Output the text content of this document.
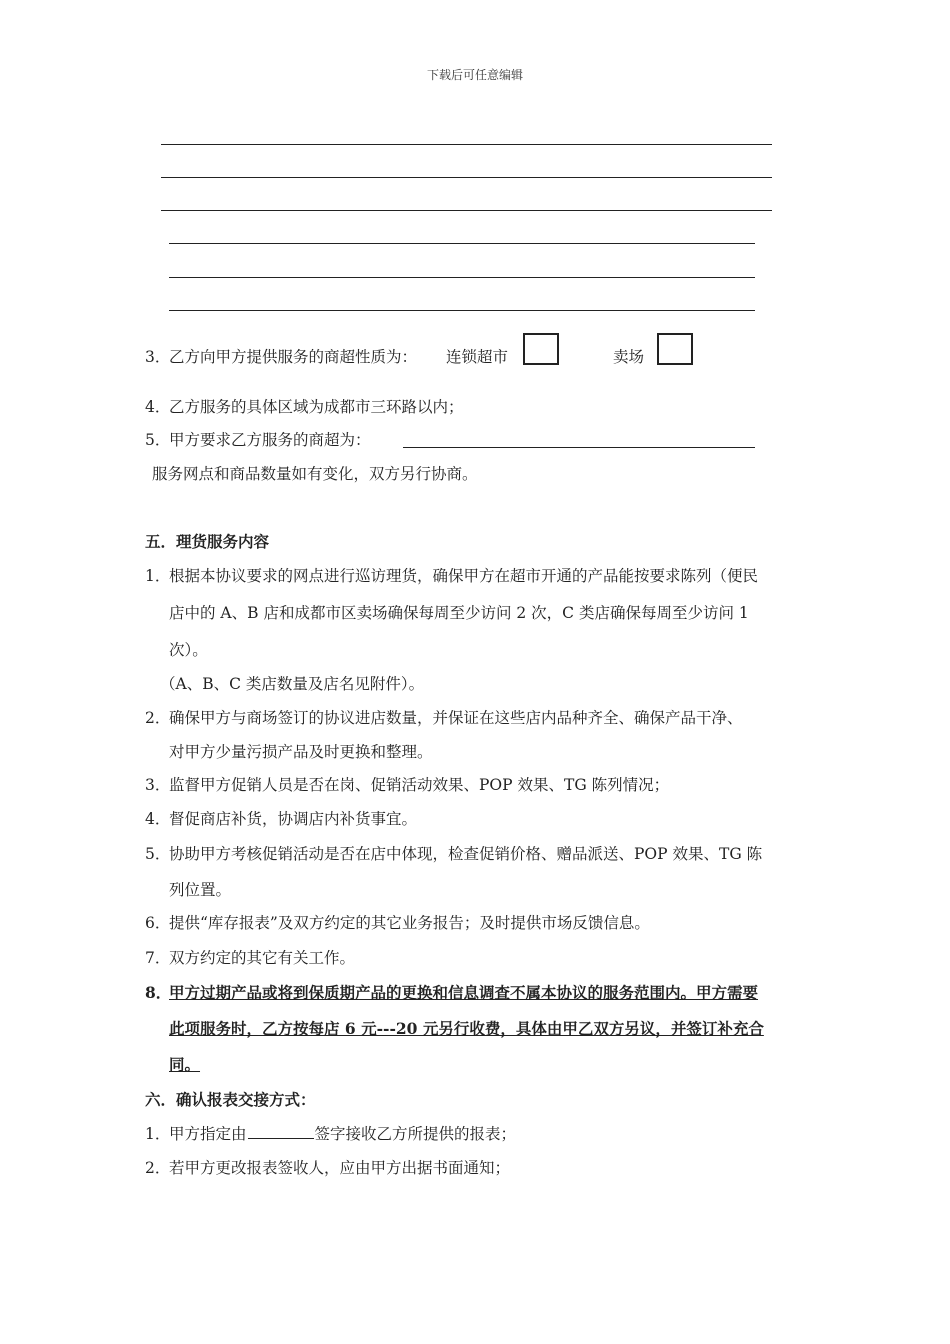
下载后可任意编辑
3．
乙方向甲方提供服务的商超性质为： 连锁超市	卖场
4．
乙方服务的具体区域为成都市三环路以内；
5．
甲方要求乙方服务的商超为：
服务网点和商品数量如有变化，双方另行协商。
五．理货服务内容
1．
根据本协议要求的网点进行巡访理货，确保甲方在超市开通的产品能按要求陈列（便民
店中的 A、B 店和成都市区卖场确保每周至少访问 2 次，C 类店确保每周至少访问 1
次）。
（A、B、C 类店数量及店名见附件）。
2．
确保甲方与商场签订的协议进店数量，并保证在这些店内品种齐全、确保产品干净、
对甲方少量污损产品及时更换和整理。
3．
监督甲方促销人员是否在岗、促销活动效果、POP 效果、TG 陈列情况；
4．
督促商店补货，协调店内补货事宜。
5．
协助甲方考核促销活动是否在店中体现，检查促销价格、赠品派送、POP 效果、TG 陈
列位置。
6．
提供“库存报表”及双方约定的其它业务报告；及时提供市场反馈信息。
7．
双方约定的其它有关工作。
8．
甲方过期产品或将到保质期产品的更换和信息调查不属本协议的服务范围内。甲方需要
此项服务时，乙方按每店 6 元---20 元另行收费，具体由甲乙双方另议，并签订补充合
同。
六．确认报表交接方式：
1．
甲方指定由	签字接收乙方所提供的报表；
2．
若甲方更改报表签收人，应由甲方出据书面通知；
